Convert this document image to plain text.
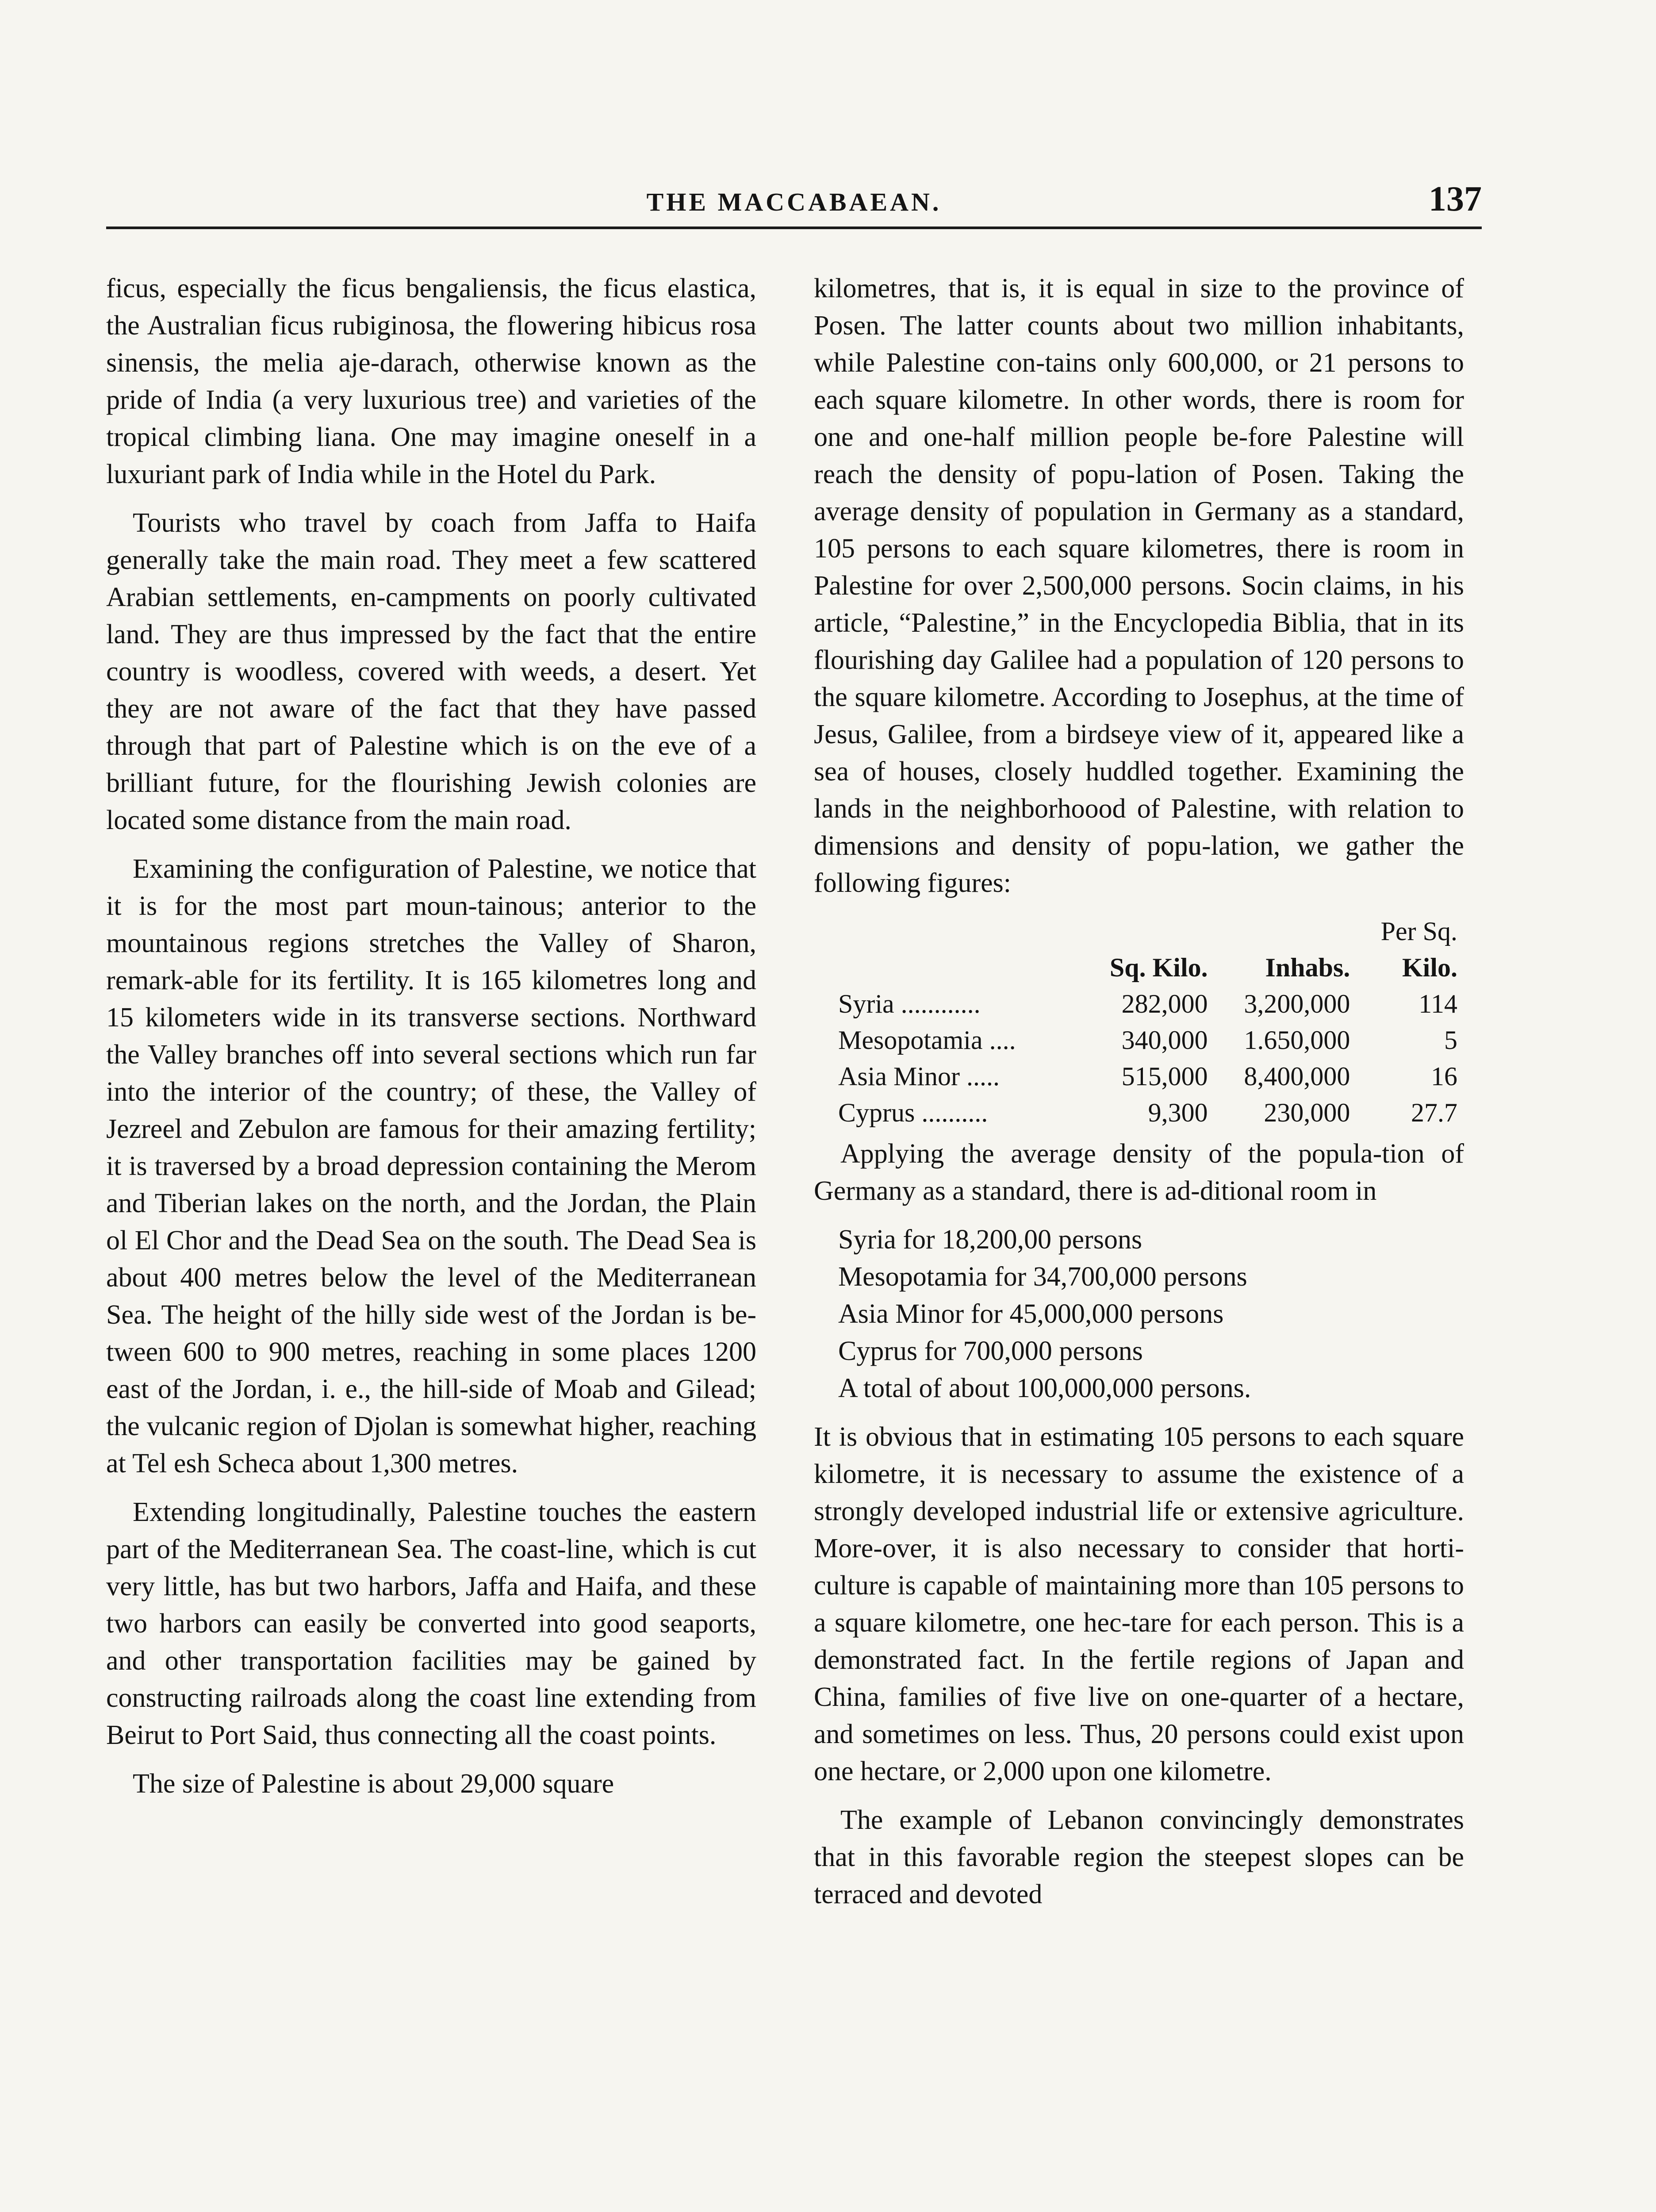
THE MACCABAEAN.	137

ficus, especially the ficus bengaliensis, the ficus elastica, the Australian ficus rubiginosa, the flowering hibicus rosa sinensis, the melia aje-darach, otherwise known as the pride of India (a very luxurious tree) and varieties of the tropical climbing liana. One may imagine oneself in a luxuriant park of India while in the Hotel du Park.

Tourists who travel by coach from Jaffa to Haifa generally take the main road. They meet a few scattered Arabian settlements, en-campments on poorly cultivated land. They are thus impressed by the fact that the entire country is woodless, covered with weeds, a desert. Yet they are not aware of the fact that they have passed through that part of Palestine which is on the eve of a brilliant future, for the flourishing Jewish colonies are located some distance from the main road.

Examining the configuration of Palestine, we notice that it is for the most part moun-tainous; anterior to the mountainous regions stretches the Valley of Sharon, remark-able for its fertility. It is 165 kilometres long and 15 kilometers wide in its transverse sections. Northward the Valley branches off into several sections which run far into the interior of the country; of these, the Valley of Jezreel and Zebulon are famous for their amazing fertility; it is traversed by a broad depression containing the Merom and Tiberian lakes on the north, and the Jordan, the Plain ol El Chor and the Dead Sea on the south. The Dead Sea is about 400 metres below the level of the Mediterranean Sea. The height of the hilly side west of the Jordan is be-tween 600 to 900 metres, reaching in some places 1200 east of the Jordan, i. e., the hill-side of Moab and Gilead; the vulcanic region of Djolan is somewhat higher, reaching at Tel esh Scheca about 1,300 metres.

Extending longitudinally, Palestine touches the eastern part of the Mediterranean Sea. The coast-line, which is cut very little, has but two harbors, Jaffa and Haifa, and these two harbors can easily be converted into good seaports, and other transportation facilities may be gained by constructing railroads along the coast line extending from Beirut to Port Said, thus connecting all the coast points.

The size of Palestine is about 29,000 square

kilometres, that is, it is equal in size to the province of Posen. The latter counts about two million inhabitants, while Palestine con-tains only 600,000, or 21 persons to each square kilometre. In other words, there is room for one and one-half million people be-fore Palestine will reach the density of popu-lation of Posen. Taking the average density of population in Germany as a standard, 105 persons to each square kilometres, there is room in Palestine for over 2,500,000 persons. Socin claims, in his article, “Palestine,” in the Encyclopedia Biblia, that in its flourishing day Galilee had a population of 120 persons to the square kilometre. According to Josephus, at the time of Jesus, Galilee, from a birdseye view of it, appeared like a sea of houses, closely huddled together. Examining the lands in the neighborhoood of Palestine, with relation to dimensions and density of popu-lation, we gather the following figures:

			Per Sq.
	Sq. Kilo.	Inhabs.	Kilo.
Syria ............	282,000	3,200,000	114
Mesopotamia ....	340,000	1.650,000	5
Asia Minor .....	515,000	8,400,000	16
Cyprus ..........	9,300	230,000	27.7

Applying the average density of the popula-tion of Germany as a standard, there is ad-ditional room in

Syria for 18,200,00 persons
Mesopotamia for 34,700,000 persons
Asia Minor for 45,000,000 persons
Cyprus for 700,000 persons
A total of about 100,000,000 persons.

It is obvious that in estimating 105 persons to each square kilometre, it is necessary to assume the existence of a strongly developed industrial life or extensive agriculture. More-over, it is also necessary to consider that horti-culture is capable of maintaining more than 105 persons to a square kilometre, one hec-tare for each person. This is a demonstrated fact. In the fertile regions of Japan and China, families of five live on one-quarter of a hectare, and sometimes on less. Thus, 20 persons could exist upon one hectare, or 2,000 upon one kilometre.

The example of Lebanon convincingly demonstrates that in this favorable region the steepest slopes can be terraced and devoted
